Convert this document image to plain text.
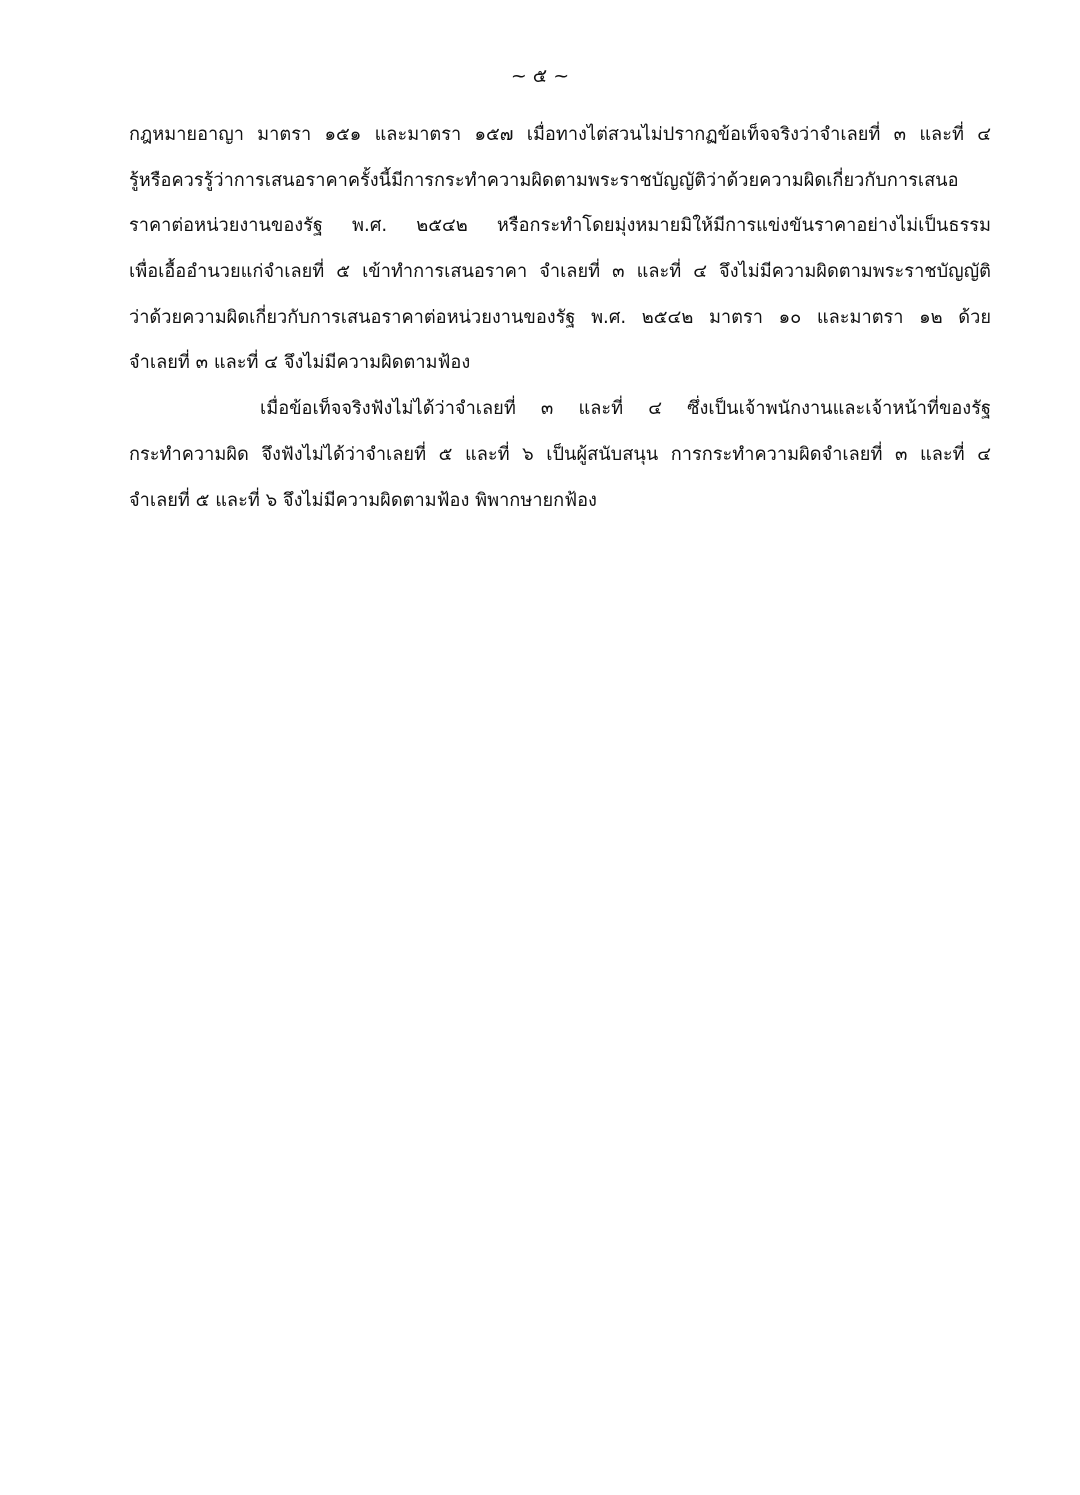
~ ๕ ~
กฎหมายอาญา มาตรา ๑๕๑ และมาตรา ๑๕๗ เมื่อทางไต่สวนไม่ปรากฏข้อเท็จจริงว่าจำเลยที่ ๓ และที่ ๔
รู้หรือควรรู้ว่าการเสนอราคาครั้งนี้มีการกระทำความผิดตามพระราชบัญญัติว่าด้วยความผิดเกี่ยวกับการเสนอ
ราคาต่อหน่วยงานของรัฐ พ.ศ. ๒๕๔๒ หรือกระทำโดยมุ่งหมายมิให้มีการแข่งขันราคาอย่างไม่เป็นธรรม
เพื่อเอื้ออำนวยแก่จำเลยที่ ๕ เข้าทำการเสนอราคา จำเลยที่ ๓ และที่ ๔ จึงไม่มีความผิดตามพระราชบัญญัติ
ว่าด้วยความผิดเกี่ยวกับการเสนอราคาต่อหน่วยงานของรัฐ พ.ศ. ๒๕๔๒ มาตรา ๑๐ และมาตรา ๑๒ ด้วย
จำเลยที่ ๓ และที่ ๔ จึงไม่มีความผิดตามฟ้อง
เมื่อข้อเท็จจริงฟังไม่ได้ว่าจำเลยที่ ๓ และที่ ๔ ซึ่งเป็นเจ้าพนักงานและเจ้าหน้าที่ของรัฐ
กระทำความผิด จึงฟังไม่ได้ว่าจำเลยที่ ๕ และที่ ๖ เป็นผู้สนับสนุน การกระทำความผิดจำเลยที่ ๓ และที่ ๔
จำเลยที่ ๕ และที่ ๖ จึงไม่มีความผิดตามฟ้อง พิพากษายกฟ้อง
